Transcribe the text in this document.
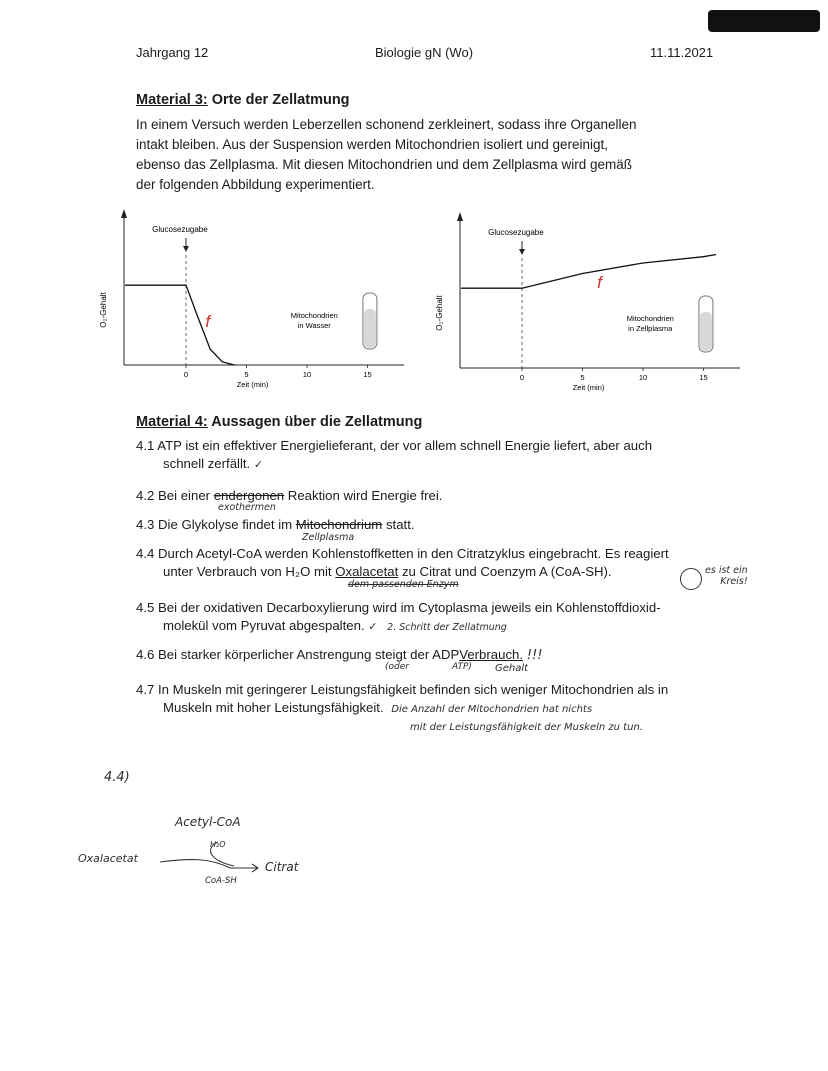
Jahrgang 12	Biologie gN (Wo)	11.11.2021
Material 3: Orte der Zellatmung
In einem Versuch werden Leberzellen schonend zerkleinert, sodass ihre Organellen
intakt bleiben. Aus der Suspension werden Mitochondrien isoliert und gereinigt,
ebenso das Zellplasma. Mit diesen Mitochondrien und dem Zellplasma wird gemäß
der folgenden Abbildung experimentiert.
O₂-Gehalt
0	5	10	15
Zeit (min)
Glucosezugabe
Mitochondrien
in Wasser
f	O₂-Gehalt
0	5	10	15
Zeit (min)
Glucosezugabe
Mitochondrien
in Zellplasma
f
Material 4: Aussagen über die Zellatmung
4.1 ATP ist ein effektiver Energielieferant, der vor allem schnell Energie liefert, aber auch
schnell zerfällt. ✓
4.2 Bei einer endergonen Reaktion wird Energie frei.
exothermen
4.3 Die Glykolyse findet im Mitochondrium statt.
Zellplasma
4.4 Durch Acetyl-CoA werden Kohlenstoffketten in den Citratzyklus eingebracht. Es reagiert
unter Verbrauch von H₂O mit Oxalacetat zu Citrat und Coenzym A (CoA-SH).
dem passenden Enzym
es ist ein
Kreis!
4.5 Bei der oxidativen Decarboxylierung wird im Cytoplasma jeweils ein Kohlenstoffdioxid-
molekül vom Pyruvat abgespalten. ✓ 2. Schritt der Zellatmung
4.6 Bei starker körperlicher Anstrengung steigt der ADPVerbrauch. !!!
(oder	ATP) Gehalt
4.7 In Muskeln mit geringerer Leistungsfähigkeit befinden sich weniger Mitochondrien als in
Muskeln mit hoher Leistungsfähigkeit. Die Anzahl der Mitochondrien hat nichts
mit der Leistungsfähigkeit der Muskeln zu tun.
4.4)
Acetyl-CoA
H₂O
Oxalacetat
Citrat
CoA-SH
